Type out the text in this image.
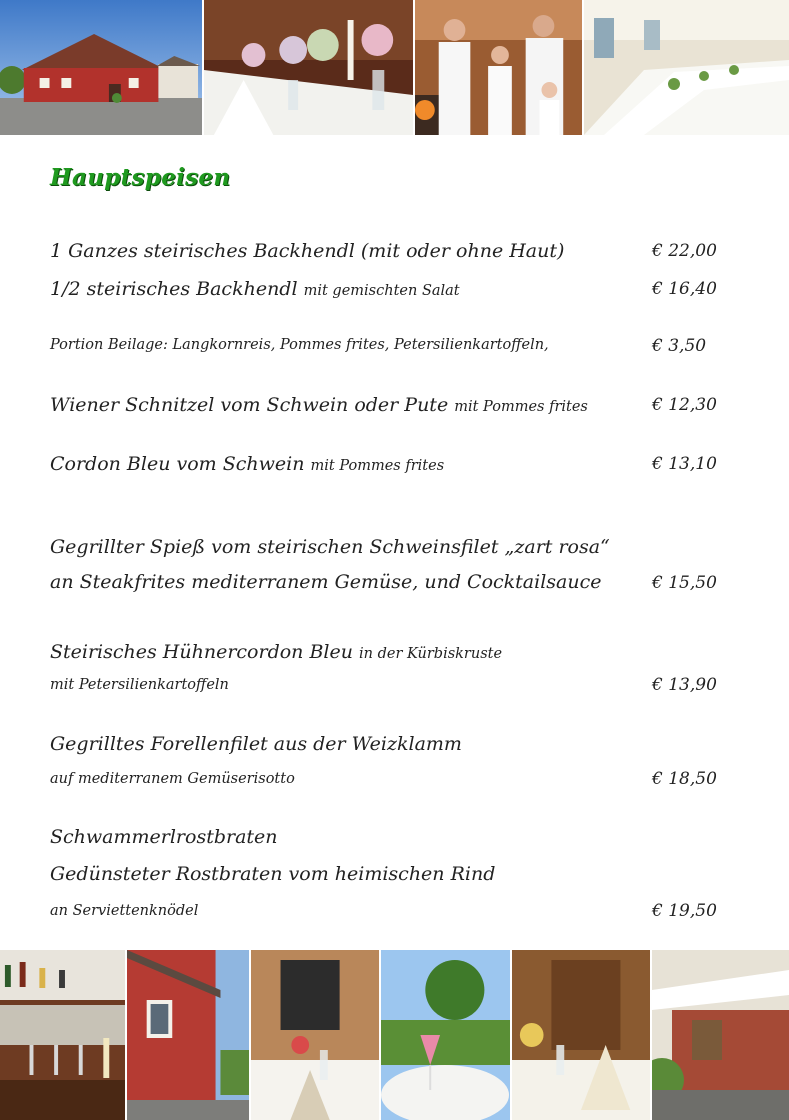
Hauptspeisen
1 Ganzes steirisches Backhendl (mit oder ohne Haut)	€ 22,00
1/2 steirisches Backhendl mit gemischten Salat	€ 16,40
Portion Beilage: Langkornreis, Pommes frites, Petersilienkartoffeln,	€ 3,50
Wiener Schnitzel vom Schwein oder Pute mit Pommes frites	€ 12,30
Cordon Bleu vom Schwein mit Pommes frites	€ 13,10
Gegrillter Spieß vom steirischen Schweinsfilet „zart rosa“
an Steakfrites mediterranem Gemüse, und Cocktailsauce	€ 15,50
Steirisches Hühnercordon Bleu in der Kürbiskruste
mit Petersilienkartoffeln	€ 13,90
Gegrilltes Forellenfilet aus der Weizklamm
auf mediterranem Gemüserisotto	€ 18,50
Schwammerlrostbraten
Gedünsteter Rostbraten vom heimischen Rind
an Serviettenknödel	€ 19,50
